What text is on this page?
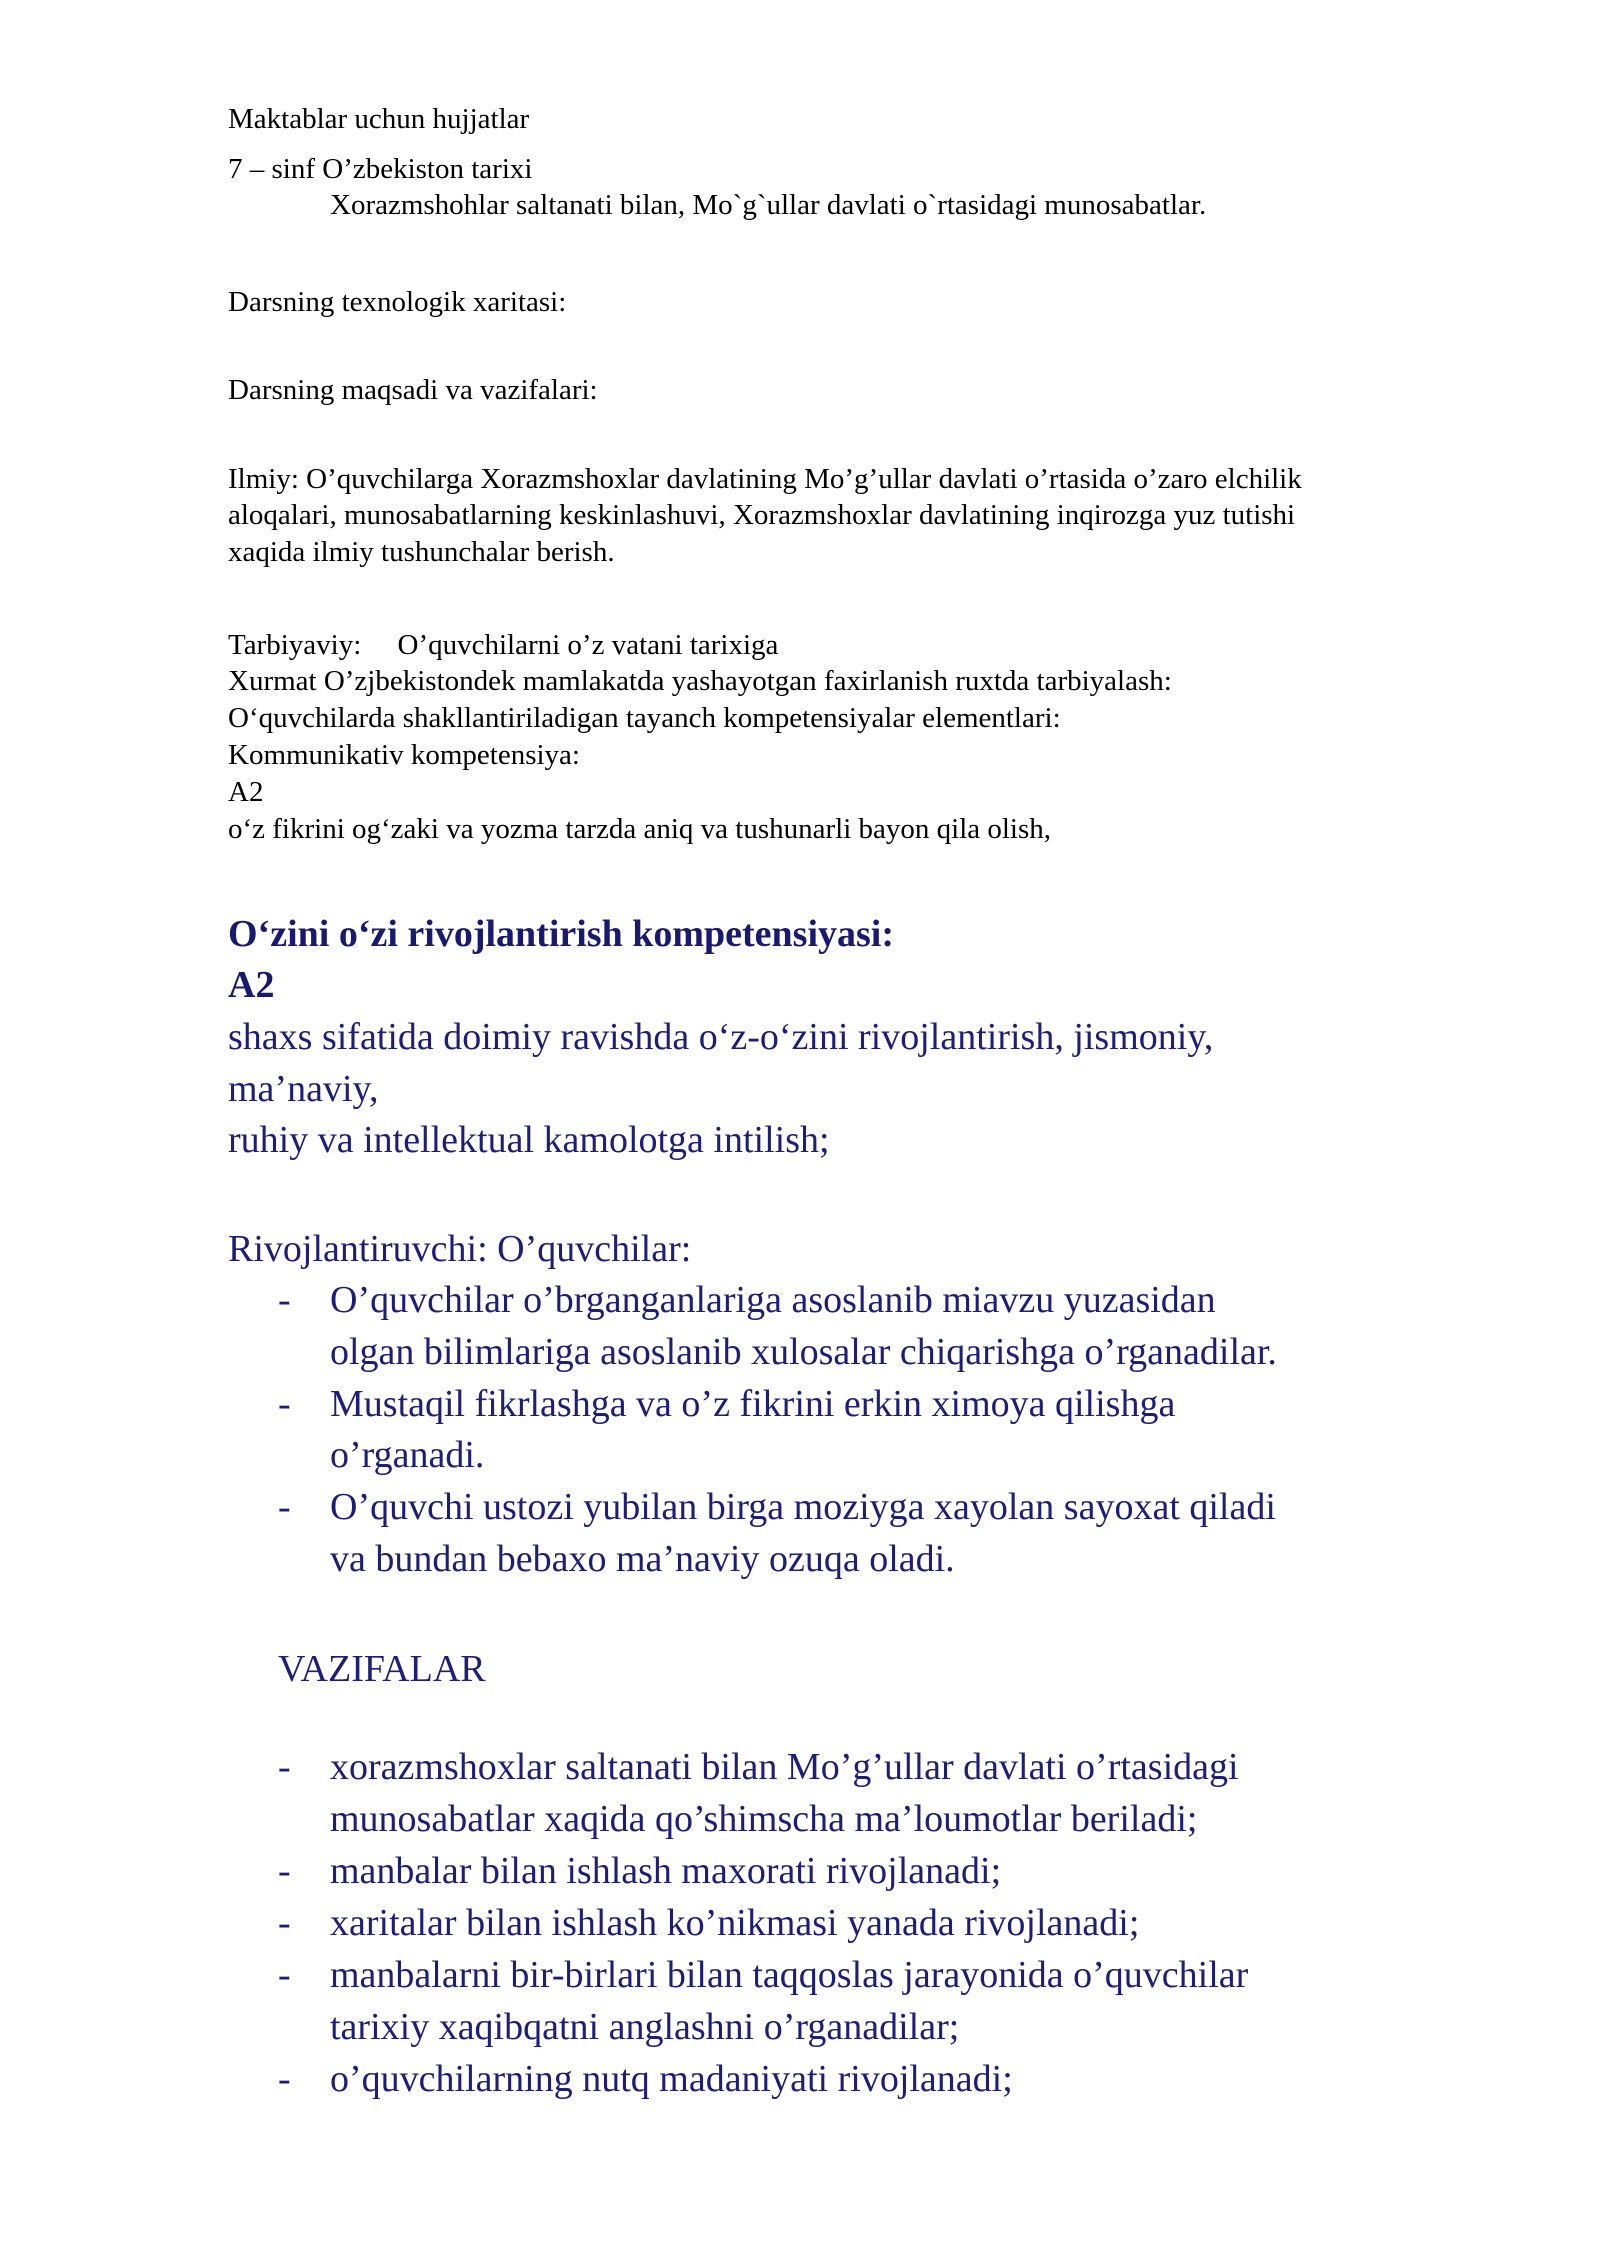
Maktablar uchun hujjatlar
7 – sinf O’zbekiston tarixi
Xorazmshohlar saltanati bilan, Mo`g`ullar davlati o`rtasidagi munosabatlar.
Darsning texnologik xaritasi:
Darsning maqsadi va vazifalari:
Ilmiy: O’quvchilarga Xorazmshoxlar davlatining Mo’g’ullar davlati o’rtasida o’zaro elchilik
aloqalari, munosabatlarning keskinlashuvi, Xorazmshoxlar davlatining inqirozga yuz tutishi
xaqida ilmiy tushunchalar berish.
Tarbiyaviy:     O’quvchilarni o’z vatani tarixiga
Xurmat O’zjbekistondek mamlakatda yashayotgan faxirlanish ruxtda tarbiyalash:
O‘quvchilarda shakllantiriladigan tayanch kompetensiyalar elementlari:
Kommunikativ kompetensiya:
A2
o‘z fikrini og‘zaki va yozma tarzda aniq va tushunarli bayon qila olish,
O‘zini o‘zi rivojlantirish kompetensiyasi:
A2
shaxs sifatida doimiy ravishda o‘z-o‘zini rivojlantirish, jismoniy,
ma’naviy,
ruhiy va intellektual kamolotga intilish;
Rivojlantiruvchi: O’quvchilar:
- O’quvchilar o’brganganlariga asoslanib miavzu yuzasidan
olgan bilimlariga asoslanib xulosalar chiqarishga o’rganadilar.
- Mustaqil fikrlashga va o’z fikrini erkin ximoya qilishga
o’rganadi.
- O’quvchi ustozi yubilan birga moziyga xayolan sayoxat qiladi
va bundan bebaxo ma’naviy ozuqa oladi.
VAZIFALAR
- xorazmshoxlar saltanati bilan Mo’g’ullar davlati o’rtasidagi
munosabatlar xaqida qo’shimscha ma’loumotlar beriladi;
- manbalar bilan ishlash maxorati rivojlanadi;
- xaritalar bilan ishlash ko’nikmasi yanada rivojlanadi;
- manbalarni bir-birlari bilan taqqoslas jarayonida o’quvchilar
tarixiy xaqibqatni anglashni o’rganadilar;
- o’quvchilarning nutq madaniyati rivojlanadi;
